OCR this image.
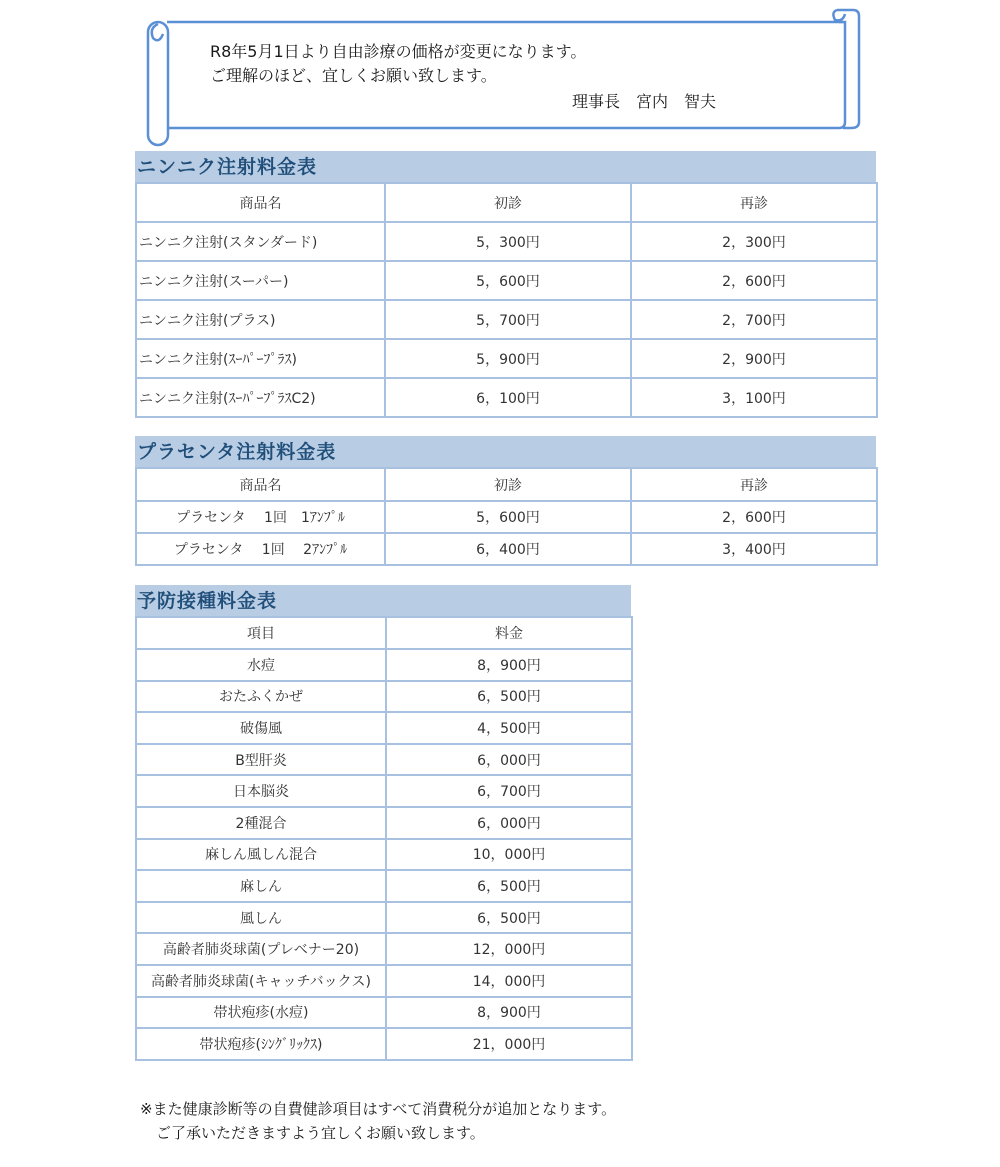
R8年5月1日より自由診療の価格が変更になります。
ご理解のほど、宜しくお願い致します。
理事長　宮内　智夫
ニンニク注射料金表
商品名	初診	再診
ニンニク注射(スタンダード)	5，300円	2，300円
ニンニク注射(スーパー)	5，600円	2，600円
ニンニク注射(プラス)	5，700円	2，700円
ニンニク注射(ｽｰﾊﾟｰﾌﾟﾗｽ)	5，900円	2，900円
ニンニク注射(ｽｰﾊﾟｰﾌﾟﾗｽC2)	6，100円	3，100円
プラセンタ注射料金表
商品名	初診	再診
プラセンタ　 1回　1ｱﾝﾌﾟﾙ	5，600円	2，600円
プラセンタ　 1回　 2ｱﾝﾌﾟﾙ	6，400円	3，400円
予防接種料金表
項目	料金
水痘	8，900円
おたふくかぜ	6，500円
破傷風	4，500円
B型肝炎	6，000円
日本脳炎	6，700円
2種混合	6，000円
麻しん風しん混合	10，000円
麻しん	6，500円
風しん	6，500円
高齢者肺炎球菌(プレベナー20)	12，000円
高齢者肺炎球菌(キャッチバックス)	14，000円
帯状疱疹(水痘)	8，900円
帯状疱疹(ｼﾝｸﾞﾘｯｸｽ)	21，000円
※また健康診断等の自費健診項目はすべて消費税分が追加となります。
ご了承いただきますよう宜しくお願い致します。
